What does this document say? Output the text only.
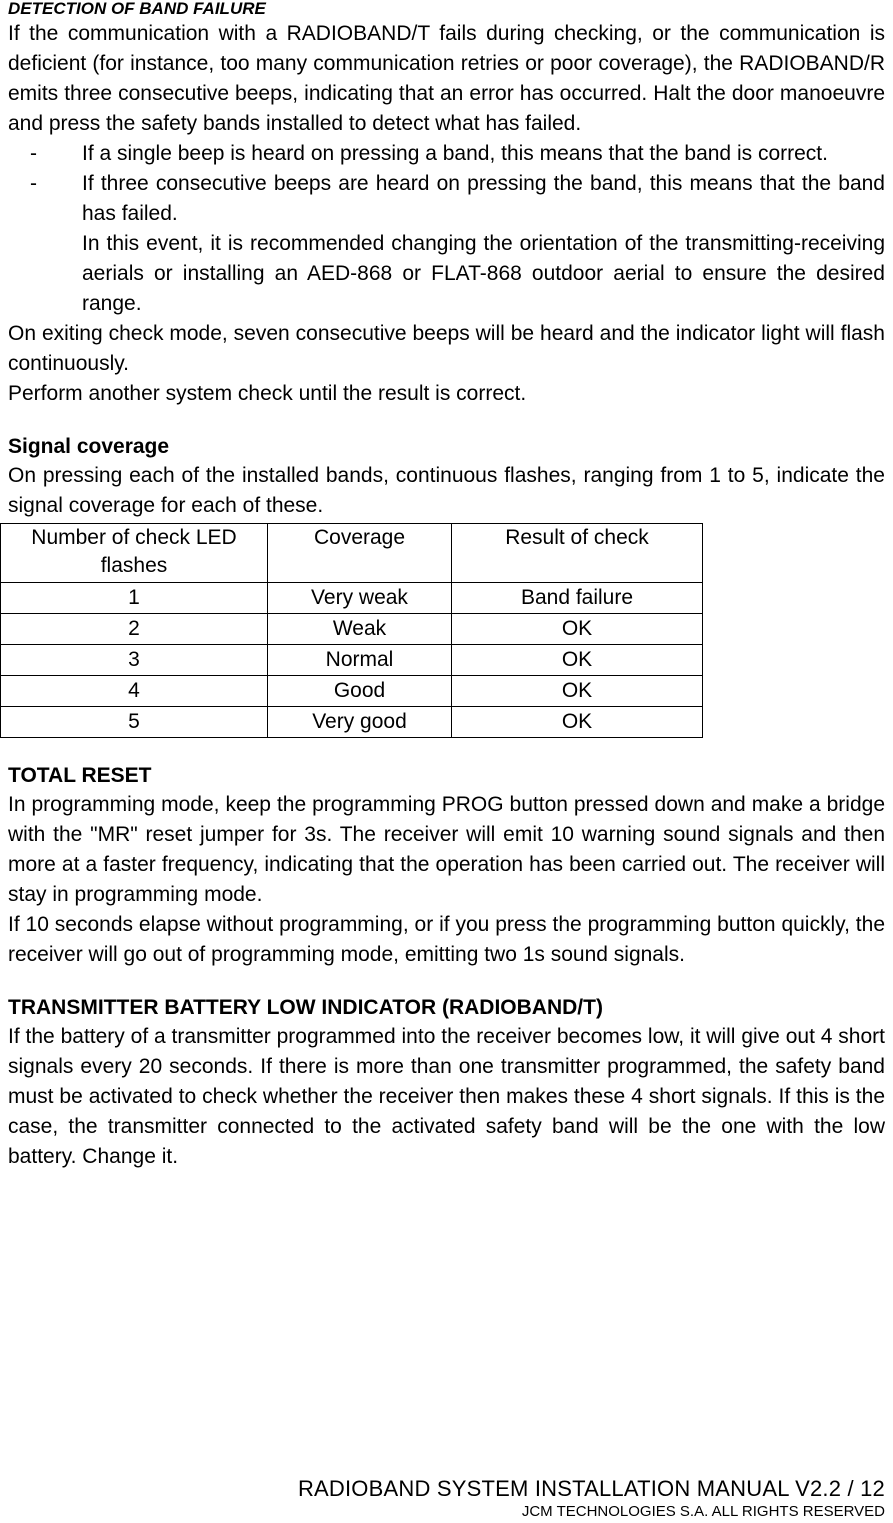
DETECTION OF BAND FAILURE

If the communication with a RADIOBAND/T fails during checking, or the communication is deficient (for instance, too many communication retries or poor coverage), the RADIOBAND/R emits three consecutive beeps, indicating that an error has occurred. Halt the door manoeuvre and press the safety bands installed to detect what has failed.

-	If a single beep is heard on pressing a band, this means that the band is correct.
-	If three consecutive beeps are heard on pressing the band, this means that the band has failed.

In this event, it is recommended changing the orientation of the transmitting-receiving aerials or installing an AED-868 or FLAT-868 outdoor aerial to ensure the desired range.

On exiting check mode, seven consecutive beeps will be heard and the indicator light will flash continuously.

Perform another system check until the result is correct.

Signal coverage

On pressing each of the installed bands, continuous flashes, ranging from 1 to 5, indicate the signal coverage for each of these.

Number of check LED flashes	Coverage	Result of check
1	Very weak	Band failure
2	Weak	OK
3	Normal	OK
4	Good	OK
5	Very good	OK

TOTAL RESET

In programming mode, keep the programming PROG button pressed down and make a bridge with the "MR" reset jumper for 3s. The receiver will emit 10 warning sound signals and then more at a faster frequency, indicating that the operation has been carried out. The receiver will stay in programming mode.

If 10 seconds elapse without programming, or if you press the programming button quickly, the receiver will go out of programming mode, emitting two 1s sound signals.

TRANSMITTER BATTERY LOW INDICATOR (RADIOBAND/T)

If the battery of a transmitter programmed into the receiver becomes low, it will give out 4 short signals every 20 seconds. If there is more than one transmitter programmed, the safety band must be activated to check whether the receiver then makes these 4 short signals. If this is the case, the transmitter connected to the activated safety band will be the one with the low battery. Change it.

RADIOBAND SYSTEM INSTALLATION MANUAL V2.2 / 12
JCM TECHNOLOGIES S.A. ALL RIGHTS RESERVED
